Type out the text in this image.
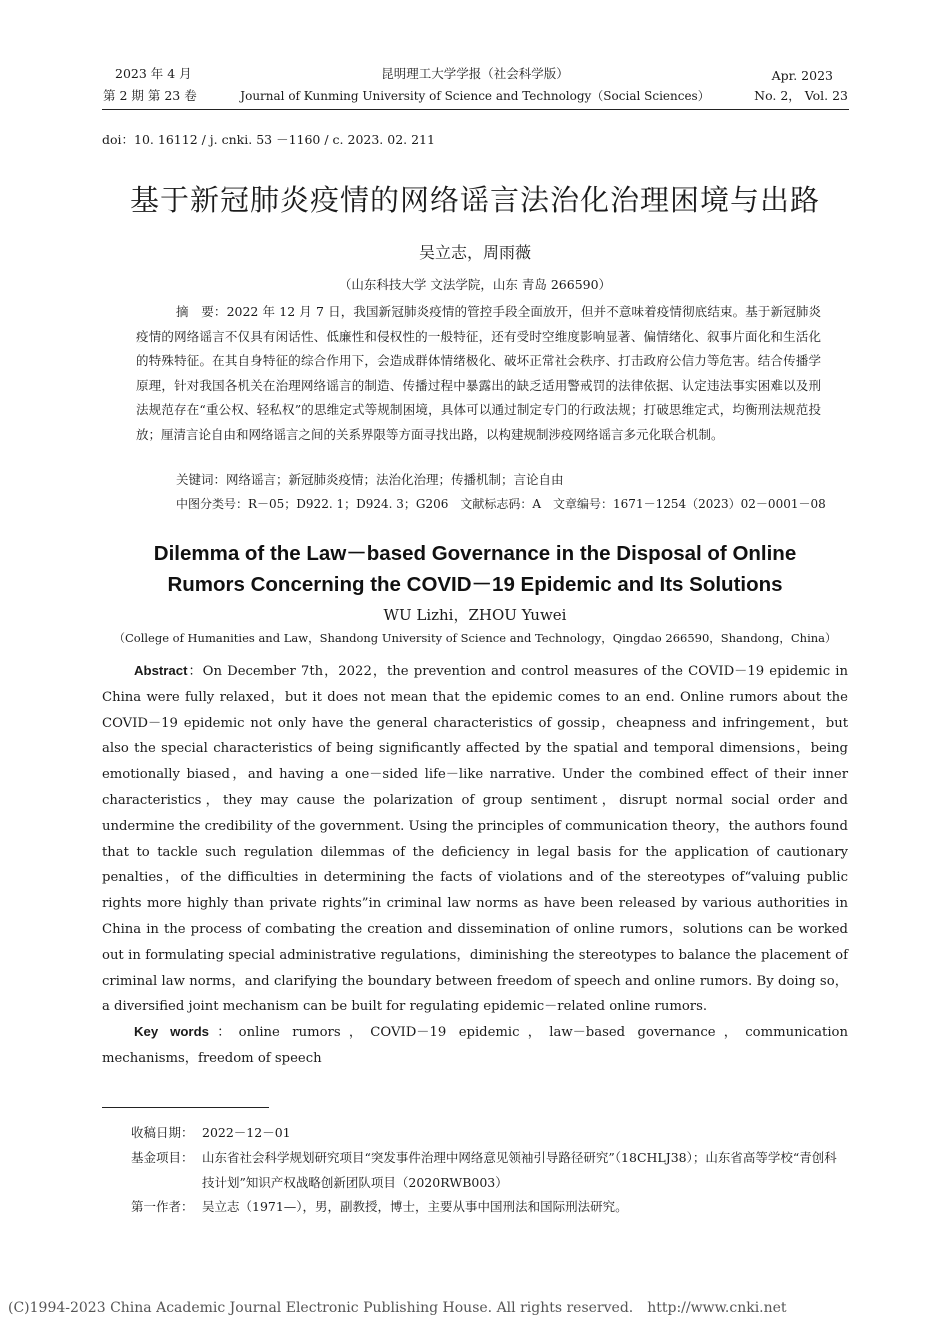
2023 年 4 月
第 2 期 第 23 卷
昆明理工大学学报（社会科学版）
Journal of Kunming University of Science and Technology（Social Sciences）
Apr. 2023
No. 2， Vol. 23
doi：10. 16112 / j. cnki. 53 －1160 / c. 2023. 02. 211
基于新冠肺炎疫情的网络谣言法治化治理困境与出路
吴立志，周雨薇
（山东科技大学 文法学院，山东 青岛 266590）
摘　要：2022 年 12 月 7 日，我国新冠肺炎疫情的管控手段全面放开，但并不意味着疫情彻底结束。基于新冠肺炎疫情的网络谣言不仅具有闲话性、低廉性和侵权性的一般特征，还有受时空维度影响显著、偏情绪化、叙事片面化和生活化的特殊特征。在其自身特征的综合作用下，会造成群体情绪极化、破坏正常社会秩序、打击政府公信力等危害。结合传播学原理，针对我国各机关在治理网络谣言的制造、传播过程中暴露出的缺乏适用警戒罚的法律依据、认定违法事实困难以及刑法规范存在“重公权、轻私权”的思维定式等规制困境，具体可以通过制定专门的行政法规；打破思维定式，均衡刑法规范投放；厘清言论自由和网络谣言之间的关系界限等方面寻找出路，以构建规制涉疫网络谣言多元化联合机制。
关键词：网络谣言；新冠肺炎疫情；法治化治理；传播机制；言论自由
中图分类号：R－05；D922. 1；D924. 3；G206　文献标志码：A　文章编号：1671－1254（2023）02－0001－08
Dilemma of the Law－based Governance in the Disposal of Online Rumors Concerning the COVID－19 Epidemic and Its Solutions
WU Lizhi，ZHOU Yuwei
（College of Humanities and Law，Shandong University of Science and Technology，Qingdao 266590，Shandong，China）
Abstract：On December 7th，2022，the prevention and control measures of the COVID－19 epidemic in China were fully relaxed，but it does not mean that the epidemic comes to an end. Online rumors about the COVID－19 epidemic not only have the general characteristics of gossip，cheapness and infringement，but also the special characteristics of being significantly affected by the spatial and temporal dimensions，being emotionally biased，and having a one－sided life－like narrative. Under the combined effect of their inner characteristics，they may cause the polarization of group sentiment，disrupt normal social order and undermine the credibility of the government. Using the principles of communication theory，the authors found that to tackle such regulation dilemmas of the deficiency in legal basis for the application of cautionary penalties，of the difficulties in determining the facts of violations and of the stereotypes of“valuing public rights more highly than private rights”in criminal law norms as have been released by various authorities in China in the process of combating the creation and dissemination of online rumors，solutions can be worked out in formulating special administrative regulations，diminishing the stereotypes to balance the placement of criminal law norms，and clarifying the boundary between freedom of speech and online rumors. By doing so，a diversified joint mechanism can be built for regulating epidemic－related online rumors.
Key words：online rumors，COVID－19 epidemic，law－based governance，communication mechanisms，freedom of speech
收稿日期： 2022－12－01
基金项目： 山东省社会科学规划研究项目“突发事件治理中网络意见领袖引导路径研究”（18CHLJ38）；山东省高等学校“青创科技计划”知识产权战略创新团队项目（2020RWB003）
第一作者： 吴立志（1971—），男，副教授，博士，主要从事中国刑法和国际刑法研究。
(C)1994-2023 China Academic Journal Electronic Publishing House. All rights reserved.　http://www.cnki.net
